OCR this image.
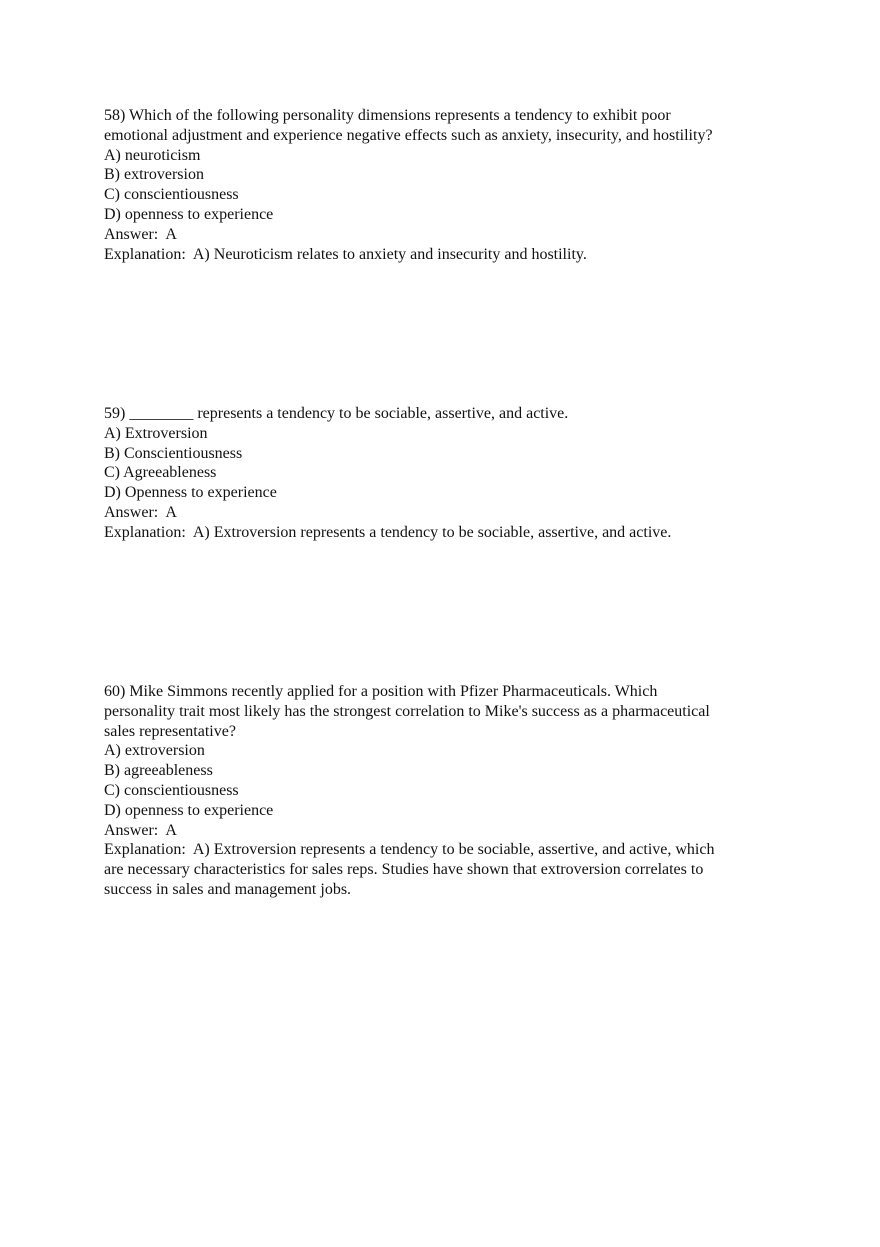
58) Which of the following personality dimensions represents a tendency to exhibit poor
emotional adjustment and experience negative effects such as anxiety, insecurity, and hostility?
A) neuroticism
B) extroversion
C) conscientiousness
D) openness to experience
Answer:  A
Explanation:  A) Neuroticism relates to anxiety and insecurity and hostility.
59) ________ represents a tendency to be sociable, assertive, and active.
A) Extroversion
B) Conscientiousness
C) Agreeableness
D) Openness to experience
Answer:  A
Explanation:  A) Extroversion represents a tendency to be sociable, assertive, and active.
60) Mike Simmons recently applied for a position with Pfizer Pharmaceuticals. Which
personality trait most likely has the strongest correlation to Mike's success as a pharmaceutical
sales representative?
A) extroversion
B) agreeableness
C) conscientiousness
D) openness to experience
Answer:  A
Explanation:  A) Extroversion represents a tendency to be sociable, assertive, and active, which
are necessary characteristics for sales reps. Studies have shown that extroversion correlates to
success in sales and management jobs.
